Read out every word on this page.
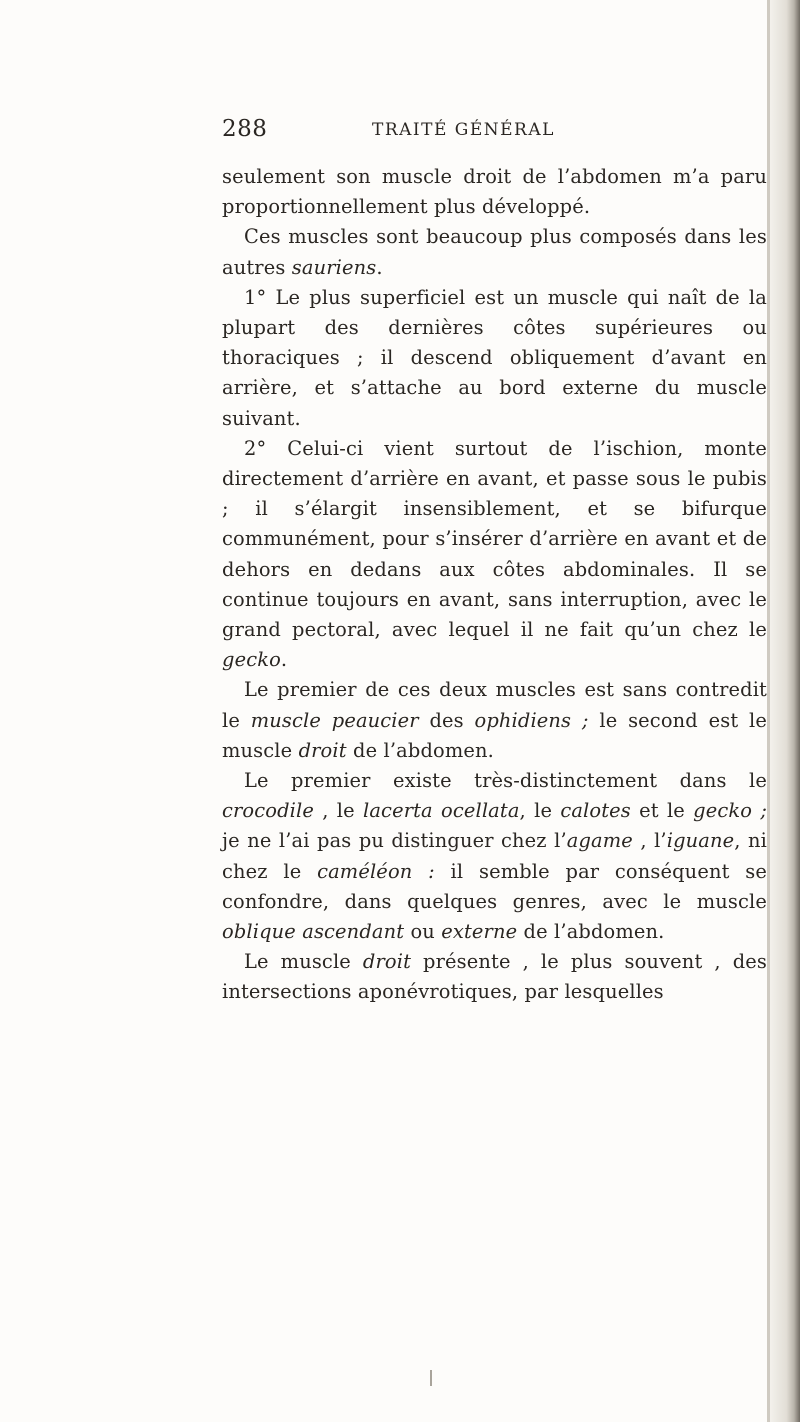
288	TRAITÉ GÉNÉRAL

seulement son muscle droit de l’abdomen m’a paru proportionnellement plus développé.

Ces muscles sont beaucoup plus composés dans les autres sauriens.

1° Le plus superficiel est un muscle qui naît de la plupart des dernières côtes supérieures ou thoraciques ; il descend obliquement d’avant en arrière, et s’attache au bord externe du muscle suivant.

2° Celui-ci vient surtout de l’ischion, monte directement d’arrière en avant, et passe sous le pubis ; il s’élargit insensiblement, et se bifurque communément, pour s’insérer d’arrière en avant et de dehors en dedans aux côtes abdominales. Il se continue toujours en avant, sans interruption, avec le grand pectoral, avec lequel il ne fait qu’un chez le gecko.

Le premier de ces deux muscles est sans contredit le muscle peaucier des ophidiens ; le second est le muscle droit de l’abdomen.

Le premier existe très-distinctement dans le crocodile , le lacerta ocellata, le calotes et le gecko ; je ne l’ai pas pu distinguer chez l’agame , l’iguane, ni chez le caméléon : il semble par conséquent se confondre, dans quelques genres, avec le muscle oblique ascendant ou externe de l’abdomen.

Le muscle droit présente , le plus souvent , des intersections aponévrotiques, par lesquelles
